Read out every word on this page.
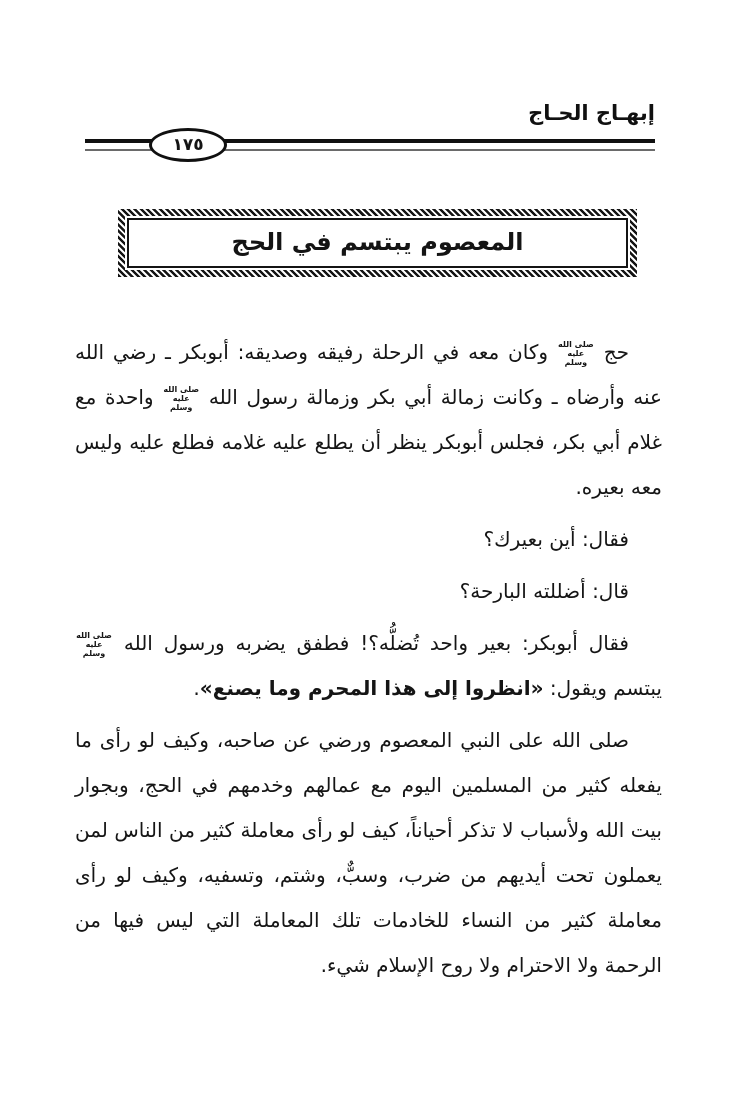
إبهـاج الحـاج
١٧٥
المعصوم يبتسم في الحج

حج صلى الله عليه وسلم وكان معه في الرحلة رفيقه وصديقه: أبوبكر ـ رضي الله عنه وأرضاه ـ وكانت زمالة أبي بكر وزمالة رسول الله صلى الله عليه وسلم واحدة مع غلام أبي بكر، فجلس أبوبكر ينظر أن يطلع عليه غلامه فطلع عليه وليس معه بعيره.

فقال: أين بعيرك؟

قال: أضللته البارحة؟

فقال أبوبكر: بعير واحد تُضلُّه؟! فطفق يضربه ورسول الله صلى الله عليه وسلم يبتسم ويقول: «انظروا إلى هذا المحرم وما يصنع».

صلى الله على النبي المعصوم ورضي عن صاحبه، وكيف لو رأى ما يفعله كثير من المسلمين اليوم مع عمالهم وخدمهم في الحج، وبجوار بيت الله ولأسباب لا تذكر أحياناً، كيف لو رأى معاملة كثير من الناس لمن يعملون تحت أيديهم من ضرب، وسبٌّ، وشتم، وتسفيه، وكيف لو رأى معاملة كثير من النساء للخادمات تلك المعاملة التي ليس فيها من الرحمة ولا الاحترام ولا روح الإسلام شيء.
